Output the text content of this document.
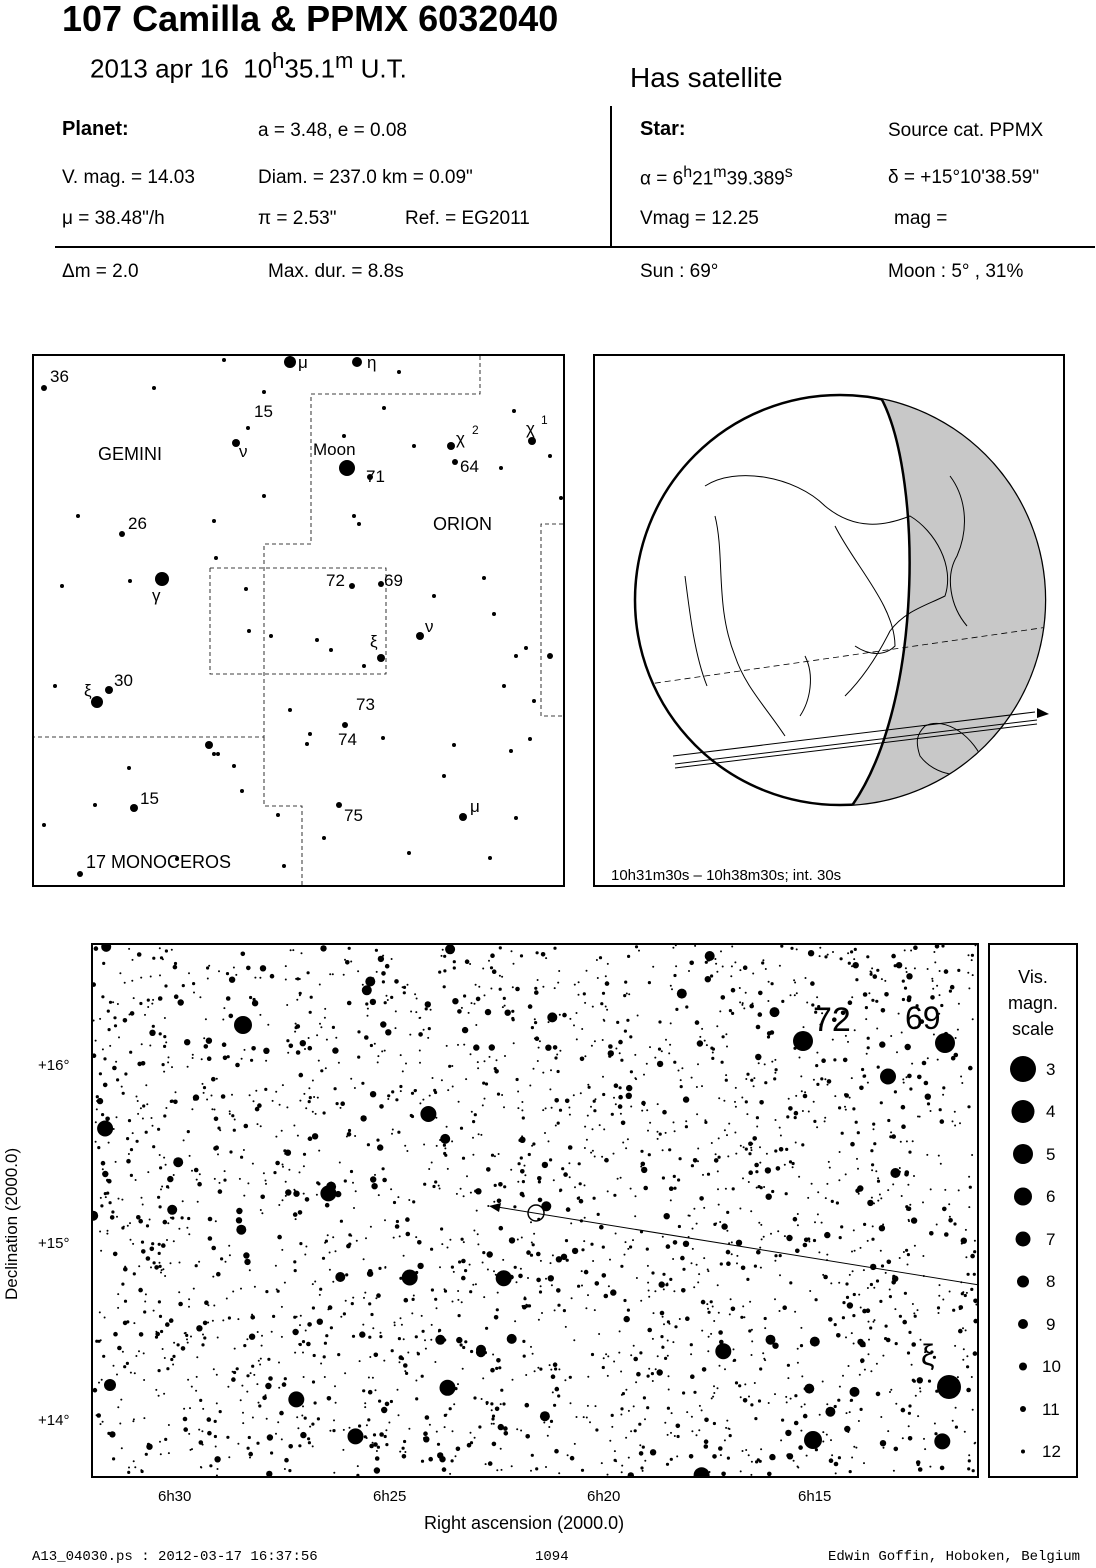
107 Camilla & PPMX 6032040
2013 apr 16 10$^h$35.1$^m$ U.T.	Has satellite
Planet:	a = 3.48, e = 0.08
V. mag. = 14.03	Diam. = 237.0 km = 0.09"
μ = 38.48"/h	π = 2.53"	Ref. = EG2011
Star:	Source cat. PPMX
$\alpha = 6^h21^m39.389^s$	δ = +15°10'38.59"
Vmag = 12.25	mag =
Δm = 2.0	Max. dur. = 8.8s	Sun : 69°	Moon : 5° , 31%
36
μ	η
15
ν	Moon
71
χ 2	χ 1
64
26
γ
72 69
ν
ξ
ξ
30
73
74
15
75	μ
GEMINI
ORION
17 MONOCEROS
10h31m30s – 10h38m30s; int. 30s
72 69
ξ
+16°
+15°
+14°
Declination (2000.0)
6h30	6h25	6h20	6h15
Right ascension (2000.0)
Vis.
magn.
scale
3
4
5
6
7
8
9
10
11
12
A13_04030.ps : 2012-03-17 16:37:56	1094	Edwin Goffin, Hoboken, Belgium
